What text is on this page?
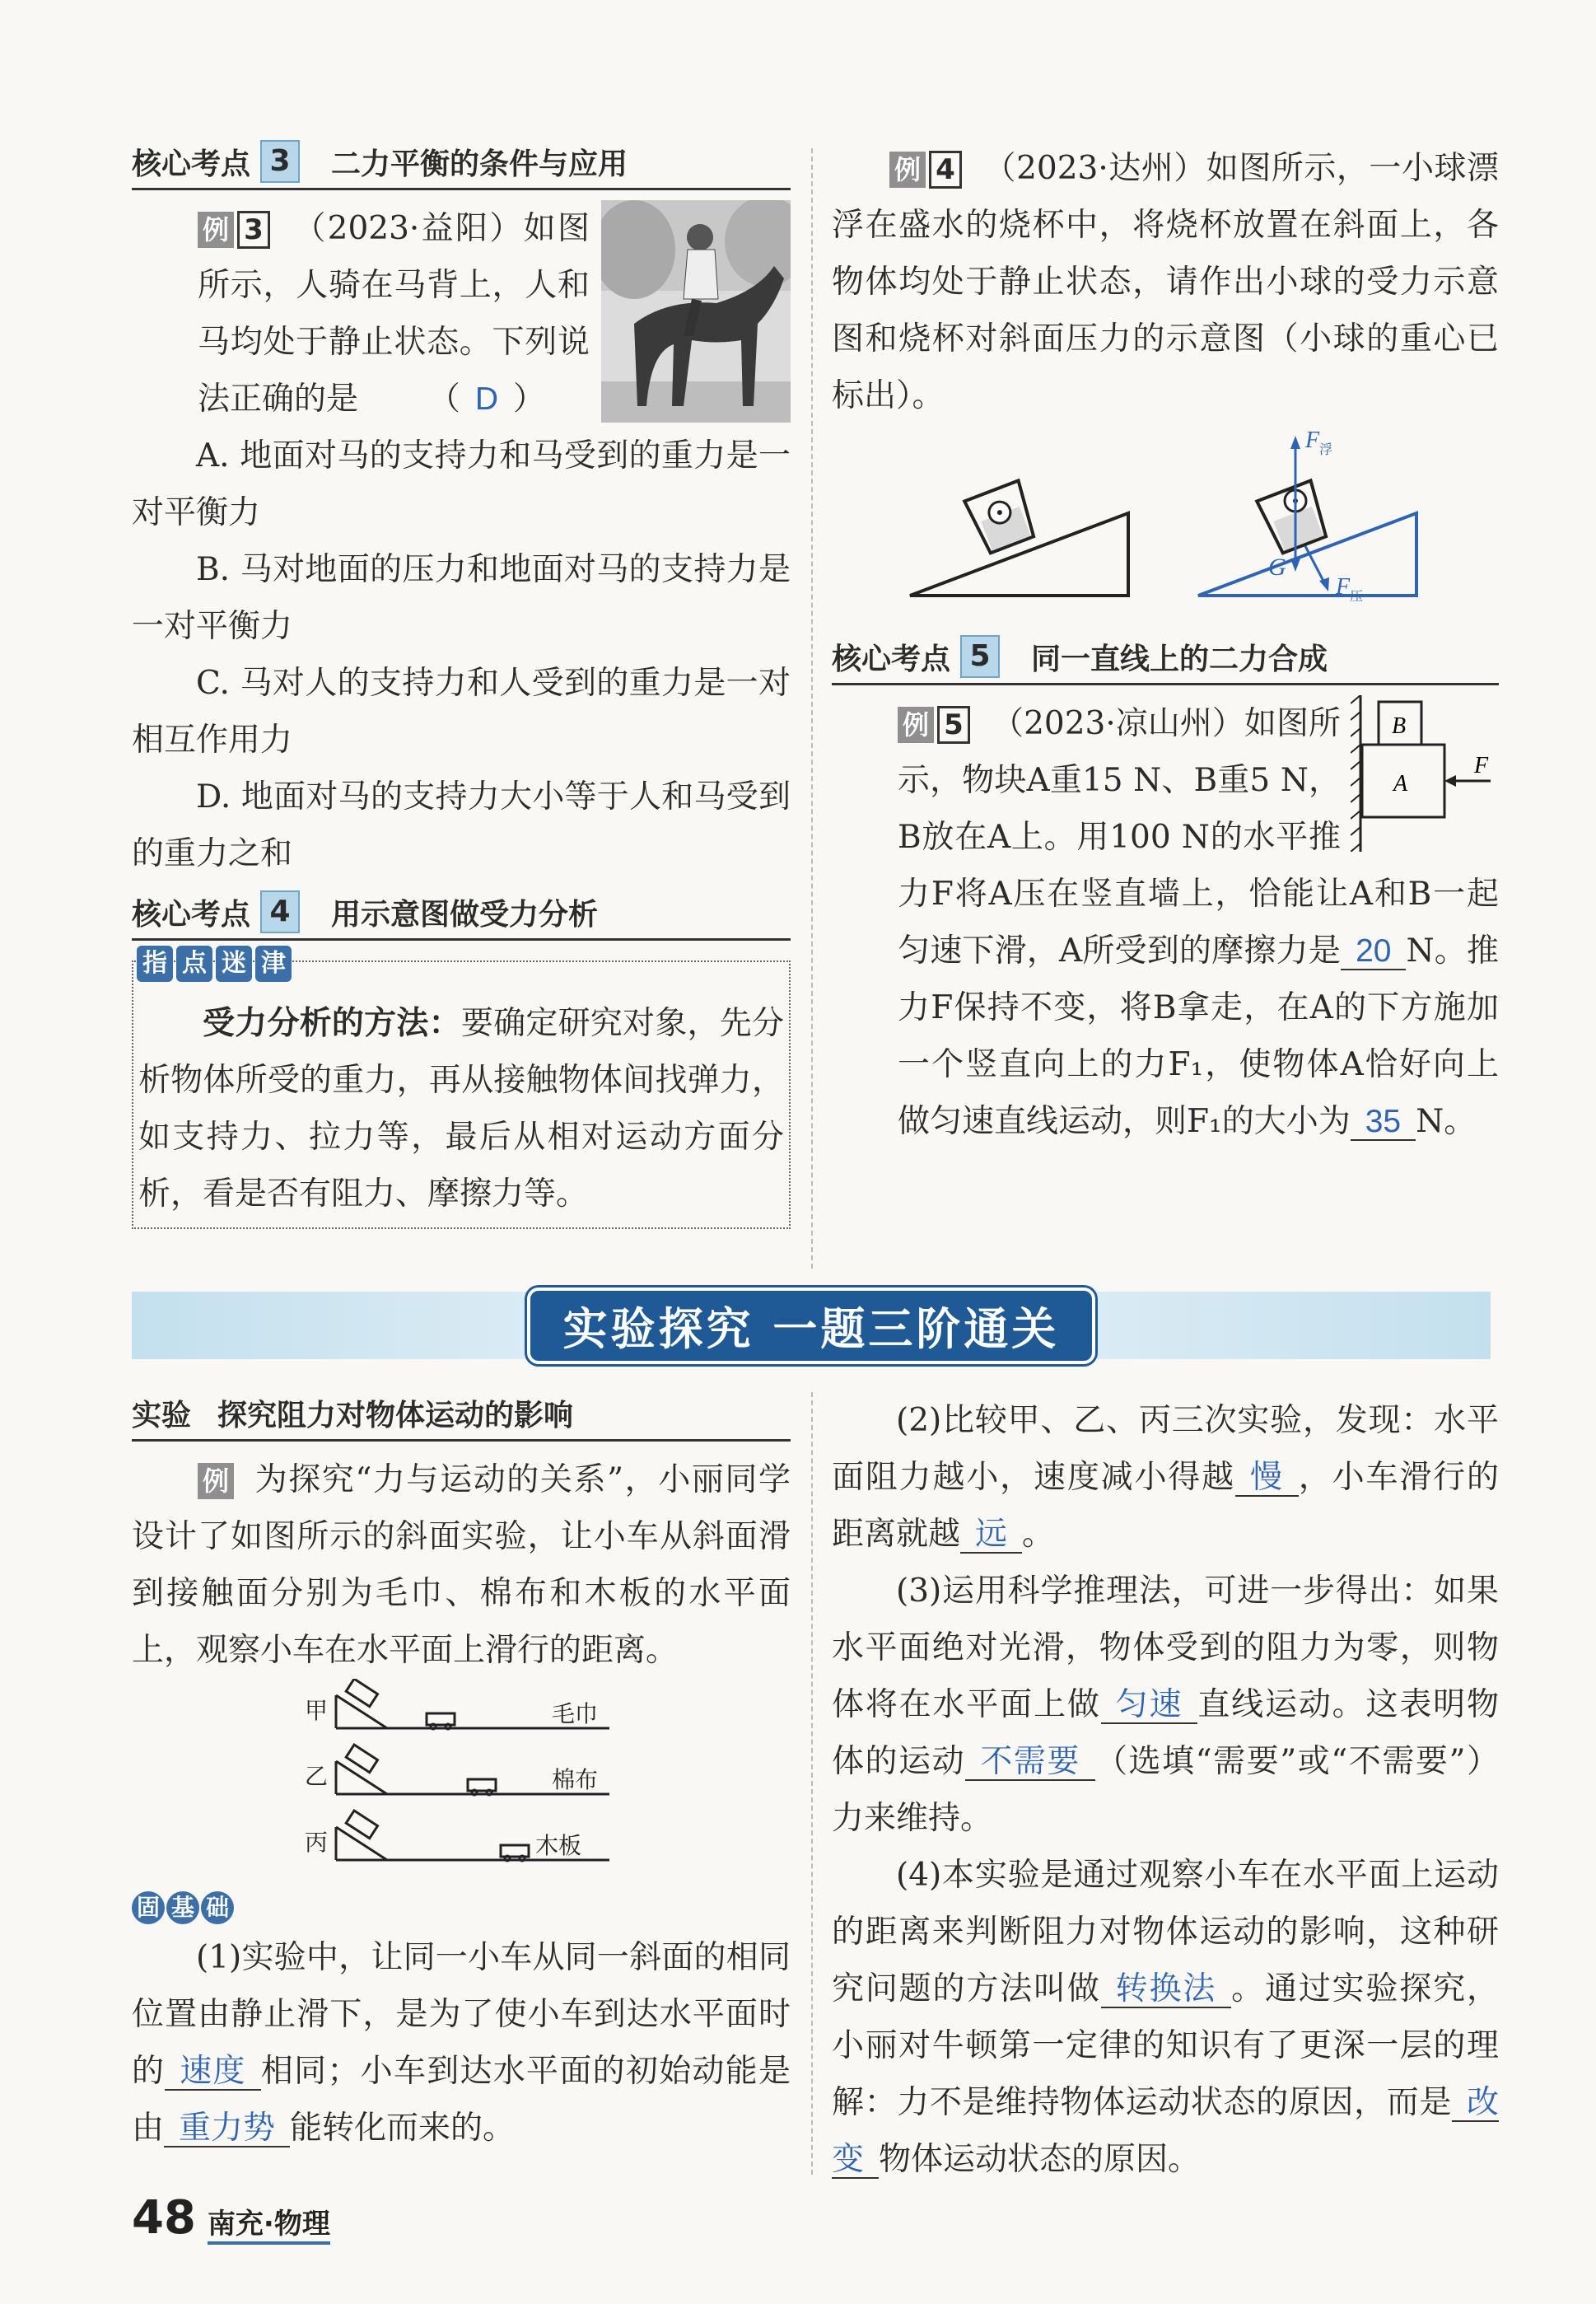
核心考点 3	二力平衡的条件与应用

例 3 （2023·益阳）如图所示，人骑在马背上，人和马均处于静止状态。下列说法正确的是 （ D ）

A. 地面对马的支持力和马受到的重力是一对平衡力

B. 马对地面的压力和地面对马的支持力是一对平衡力

C. 马对人的支持力和人受到的重力是一对相互作用力

D. 地面对马的支持力大小等于人和马受到的重力之和

核心考点 4	用示意图做受力分析
指 点 迷 津

受力分析的方法：要确定研究对象，先分析物体所受的重力，再从接触物体间找弹力，如支持力、拉力等，最后从相对运动方面分析，看是否有阻力、摩擦力等。

例 4 （2023·达州）如图所示，一小球漂浮在盛水的烧杯中，将烧杯放置在斜面上，各物体均处于静止状态，请作出小球的受力示意图和烧杯对斜面压力的示意图（小球的重心已标出）。

F 浮
G
F 压
核心考点 5	同一直线上的二力合成
B
A
F

例 5 （2023·凉山州）如图所示，物块A重15 N、B重5 N，B放在A上。用100 N的水平推力F将A压在竖直墙上，恰能让A和B一起匀速下滑，A所受到的摩擦力是 20 N。推力F保持不变，将B拿走，在A的下方施加一个竖直向上的力F₁，使物体A恰好向上做匀速直线运动，则F₁的大小为 35 N。

实验探究 一题三阶通关
实验 探究阻力对物体运动的影响

例 为探究“力与运动的关系”，小丽同学设计了如图所示的斜面实验，让小车从斜面滑到接触面分别为毛巾、棉布和木板的水平面上，观察小车在水平面上滑行的距离。

甲
乙
丙
毛巾
棉布
木板
固 基 础

(1)实验中，让同一小车从同一斜面的相同位置由静止滑下，是为了使小车到达水平面时的 速度 相同；小车到达水平面的初始动能是由 重力势 能转化而来的。

(2)比较甲、乙、丙三次实验，发现：水平面阻力越小，速度减小得越 慢 ，小车滑行的距离就越 远 。

(3)运用科学推理法，可进一步得出：如果水平面绝对光滑，物体受到的阻力为零，则物体将在水平面上做 匀速 直线运动。这表明物体的运动 不需要 （选填“需要”或“不需要”）力来维持。

(4)本实验是通过观察小车在水平面上运动的距离来判断阻力对物体运动的影响，这种研究问题的方法叫做 转换法 。通过实验探究，小丽对牛顿第一定律的知识有了更深一层的理解：力不是维持物体运动状态的原因，而是 改变 物体运动状态的原因。

48 南充·物理
